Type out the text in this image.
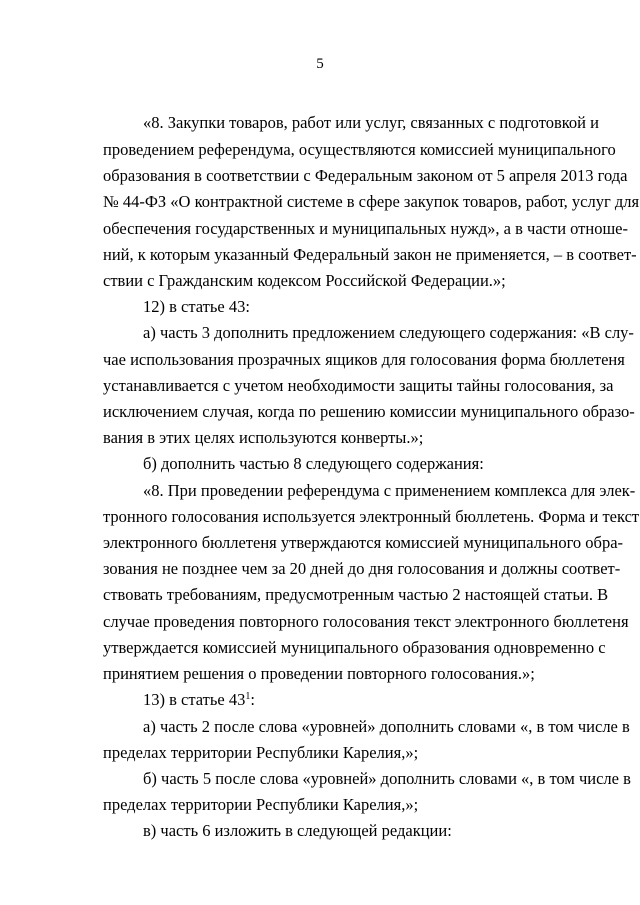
5
«8. Закупки товаров, работ или услуг, связанных с подготовкой и
проведением референдума, осуществляются комиссией муниципального
образования в соответствии с Федеральным законом от 5 апреля 2013 года
№ 44-ФЗ «О контрактной системе в сфере закупок товаров, работ, услуг для
обеспечения государственных и муниципальных нужд», а в части отноше-
ний, к которым указанный Федеральный закон не применяется, – в соответ-
ствии с Гражданским кодексом Российской Федерации.»;
12) в статье 43:
а) часть 3 дополнить предложением следующего содержания: «В слу-
чае использования прозрачных ящиков для голосования форма бюллетеня
устанавливается с учетом необходимости защиты тайны голосования, за
исключением случая, когда по решению комиссии муниципального образо-
вания в этих целях используются конверты.»;
б) дополнить частью 8 следующего содержания:
«8. При проведении референдума с применением комплекса для элек-
тронного голосования используется электронный бюллетень. Форма и текст
электронного бюллетеня утверждаются комиссией муниципального обра-
зования не позднее чем за 20 дней до дня голосования и должны соответ-
ствовать требованиям, предусмотренным частью 2 настоящей статьи. В
случае проведения повторного голосования текст электронного бюллетеня
утверждается комиссией муниципального образования одновременно с
принятием решения о проведении повторного голосования.»;
13) в статье $43^1$:
а) часть 2 после слова «уровней» дополнить словами «, в том числе в
пределах территории Республики Карелия,»;
б) часть 5 после слова «уровней» дополнить словами «, в том числе в
пределах территории Республики Карелия,»;
в) часть 6 изложить в следующей редакции:
